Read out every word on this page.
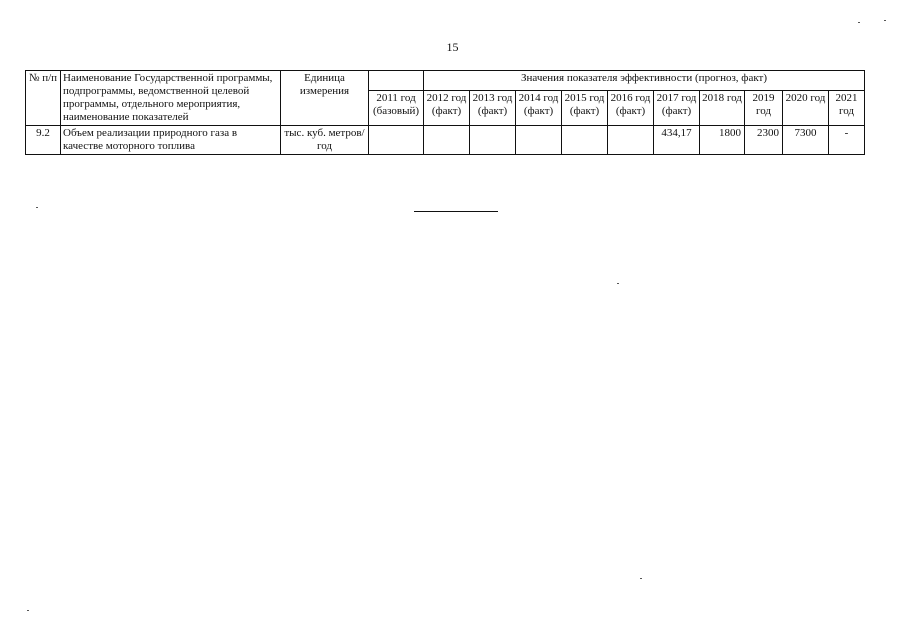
15
№ п/п	Наименование Государственной программы, подпрограммы, ведомственной целевой программы, отдельного мероприятия, наименование показателей	Единица измерения		Значения показателя эффективности (прогноз, факт)									
			2011 год (базовый)	2012 год (факт)	2013 год (факт)	2014 год (факт)	2015 год (факт)	2016 год (факт)	2017 год (факт)	2018 год	2019 год	2020 год	2021 год
9.2	Объем реализации природного газа в качестве моторного топлива	тыс. куб. метров/год							434,17	1800	2300	7300	-
